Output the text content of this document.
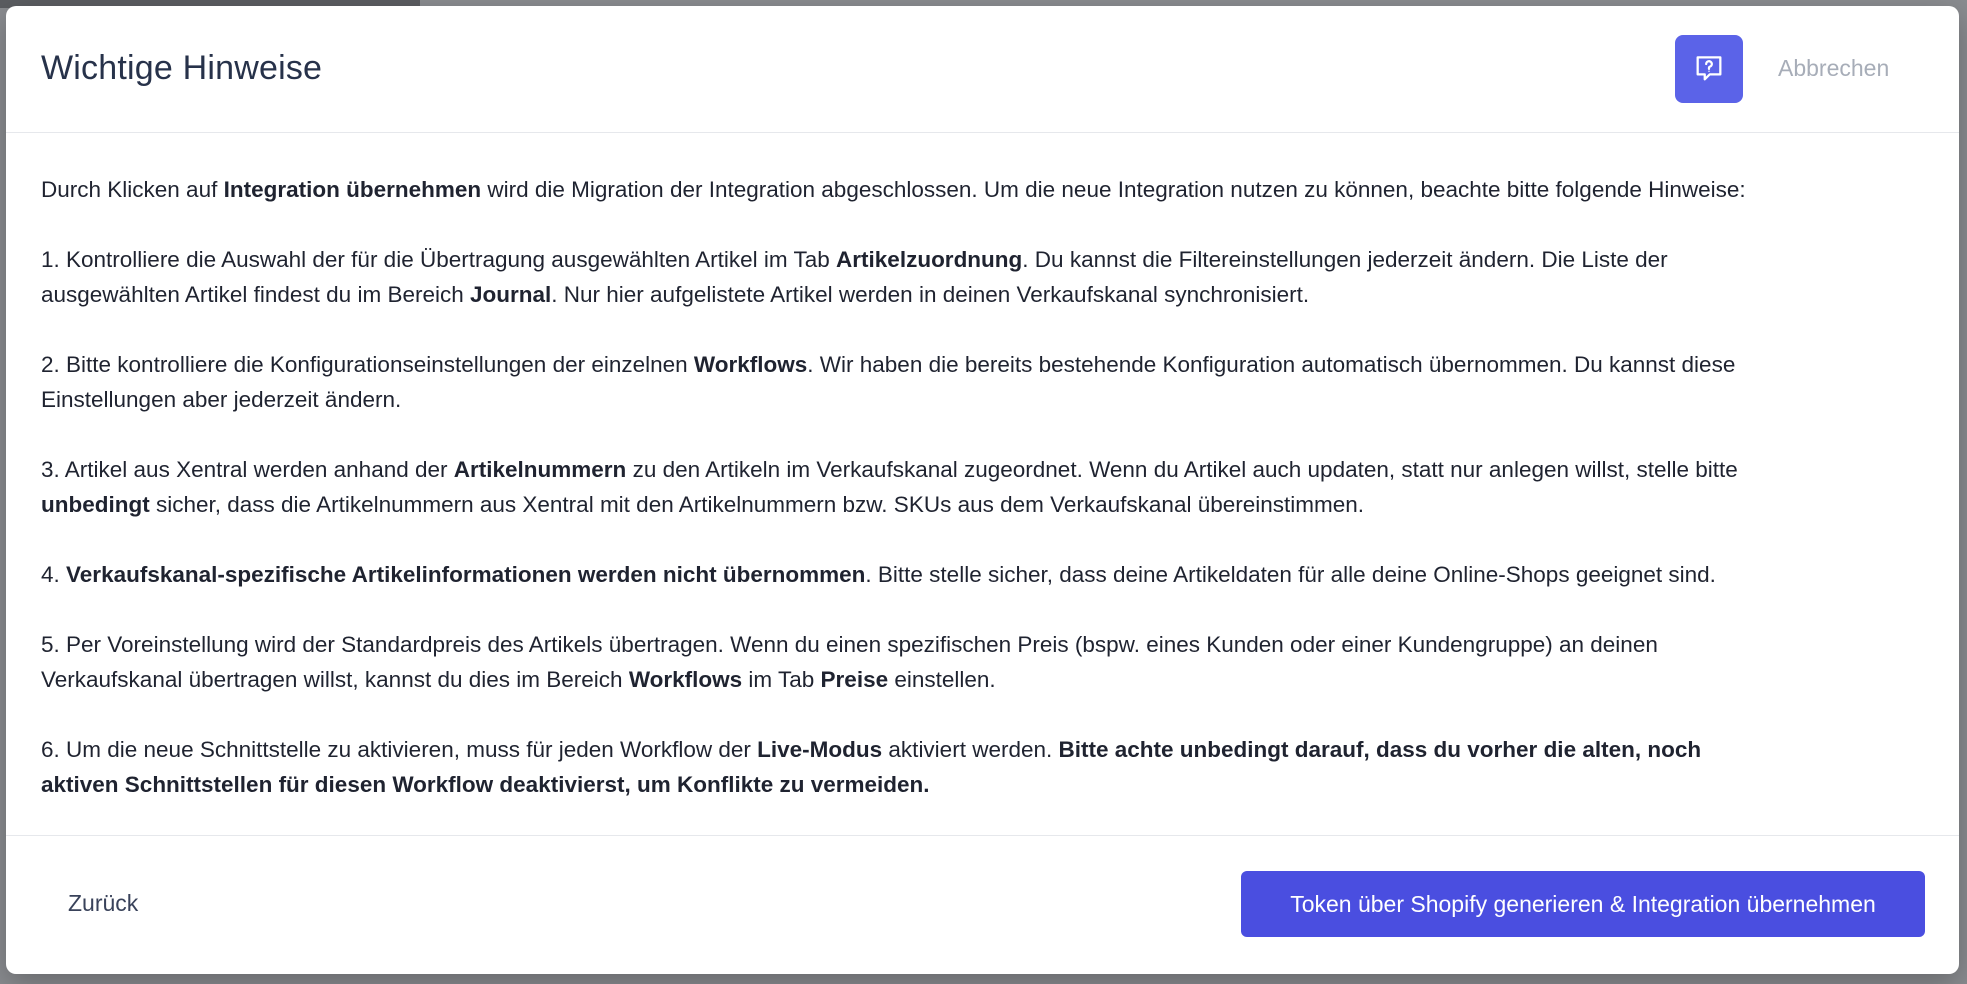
Wichtige Hinweise	Abbrechen

Durch Klicken auf Integration übernehmen wird die Migration der Integration abgeschlossen. Um die neue Integration nutzen zu können, beachte bitte folgende Hinweise:

1. Kontrolliere die Auswahl der für die Übertragung ausgewählten Artikel im Tab Artikelzuordnung. Du kannst die Filtereinstellungen jederzeit ändern. Die Liste der
ausgewählten Artikel findest du im Bereich Journal. Nur hier aufgelistete Artikel werden in deinen Verkaufskanal synchronisiert.

2. Bitte kontrolliere die Konfigurationseinstellungen der einzelnen Workflows. Wir haben die bereits bestehende Konfiguration automatisch übernommen. Du kannst diese
Einstellungen aber jederzeit ändern.

3. Artikel aus Xentral werden anhand der Artikelnummern zu den Artikeln im Verkaufskanal zugeordnet. Wenn du Artikel auch updaten, statt nur anlegen willst, stelle bitte
unbedingt sicher, dass die Artikelnummern aus Xentral mit den Artikelnummern bzw. SKUs aus dem Verkaufskanal übereinstimmen.

4. Verkaufskanal-spezifische Artikelinformationen werden nicht übernommen. Bitte stelle sicher, dass deine Artikeldaten für alle deine Online-Shops geeignet sind.

5. Per Voreinstellung wird der Standardpreis des Artikels übertragen. Wenn du einen spezifischen Preis (bspw. eines Kunden oder einer Kundengruppe) an deinen
Verkaufskanal übertragen willst, kannst du dies im Bereich Workflows im Tab Preise einstellen.

6. Um die neue Schnittstelle zu aktivieren, muss für jeden Workflow der Live-Modus aktiviert werden. Bitte achte unbedingt darauf, dass du vorher die alten, noch
aktiven Schnittstellen für diesen Workflow deaktivierst, um Konflikte zu vermeiden.

Zurück	Token über Shopify generieren & Integration übernehmen
